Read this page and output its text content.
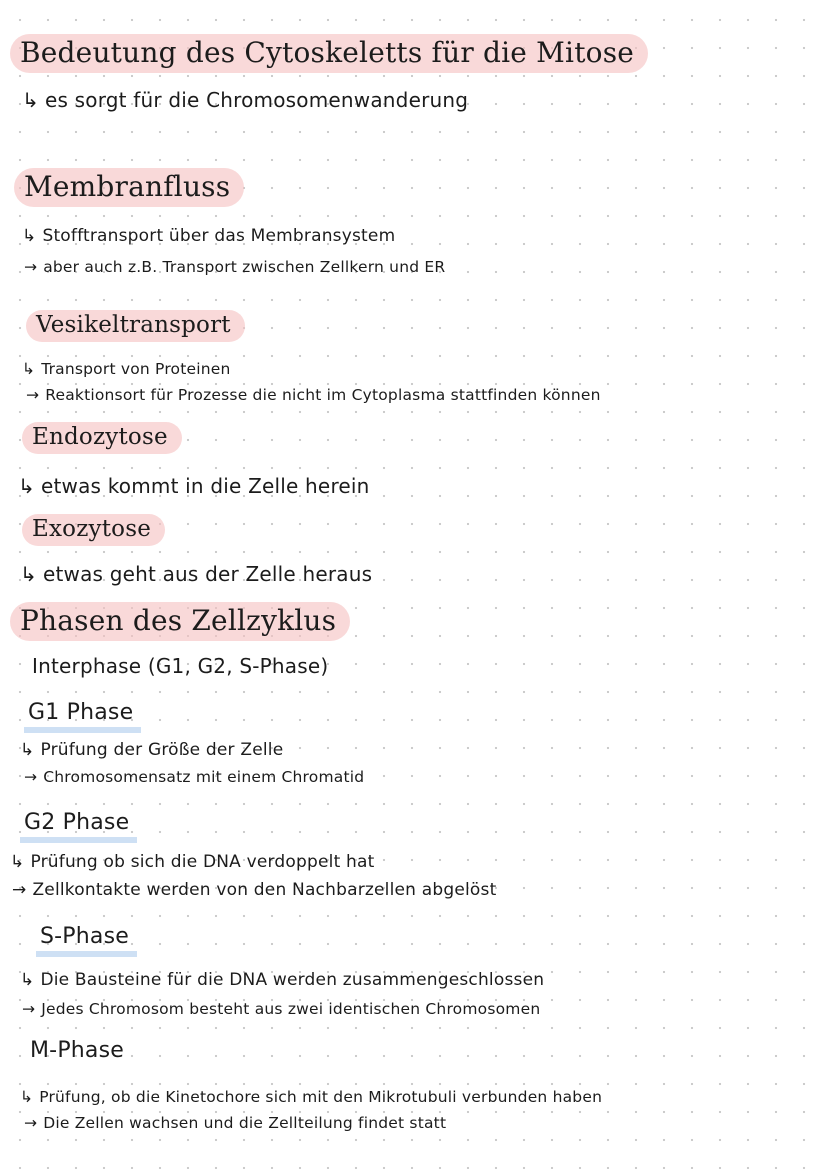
Bedeutung des Cytoskeletts für die Mitose
↳ es sorgt für die Chromosomenwanderung
Membranfluss
↳ Stofftransport über das Membransystem
→ aber auch z.B. Transport zwischen Zellkern und ER
Vesikeltransport
↳ Transport von Proteinen
→ Reaktionsort für Prozesse die nicht im Cytoplasma stattfinden können
Endozytose
↳ etwas kommt in die Zelle herein
Exozytose
↳ etwas geht aus der Zelle heraus
Phasen des Zellzyklus
Interphase (G1, G2, S-Phase)
G1 Phase
↳ Prüfung der Größe der Zelle
→ Chromosomensatz mit einem Chromatid
G2 Phase
↳ Prüfung ob sich die DNA verdoppelt hat
→ Zellkontakte werden von den Nachbarzellen abgelöst
S-Phase
↳ Die Bausteine für die DNA werden zusammengeschlossen
→ Jedes Chromosom besteht aus zwei identischen Chromosomen
M-Phase
↳ Prüfung, ob die Kinetochore sich mit den Mikrotubuli verbunden haben
→ Die Zellen wachsen und die Zellteilung findet statt
